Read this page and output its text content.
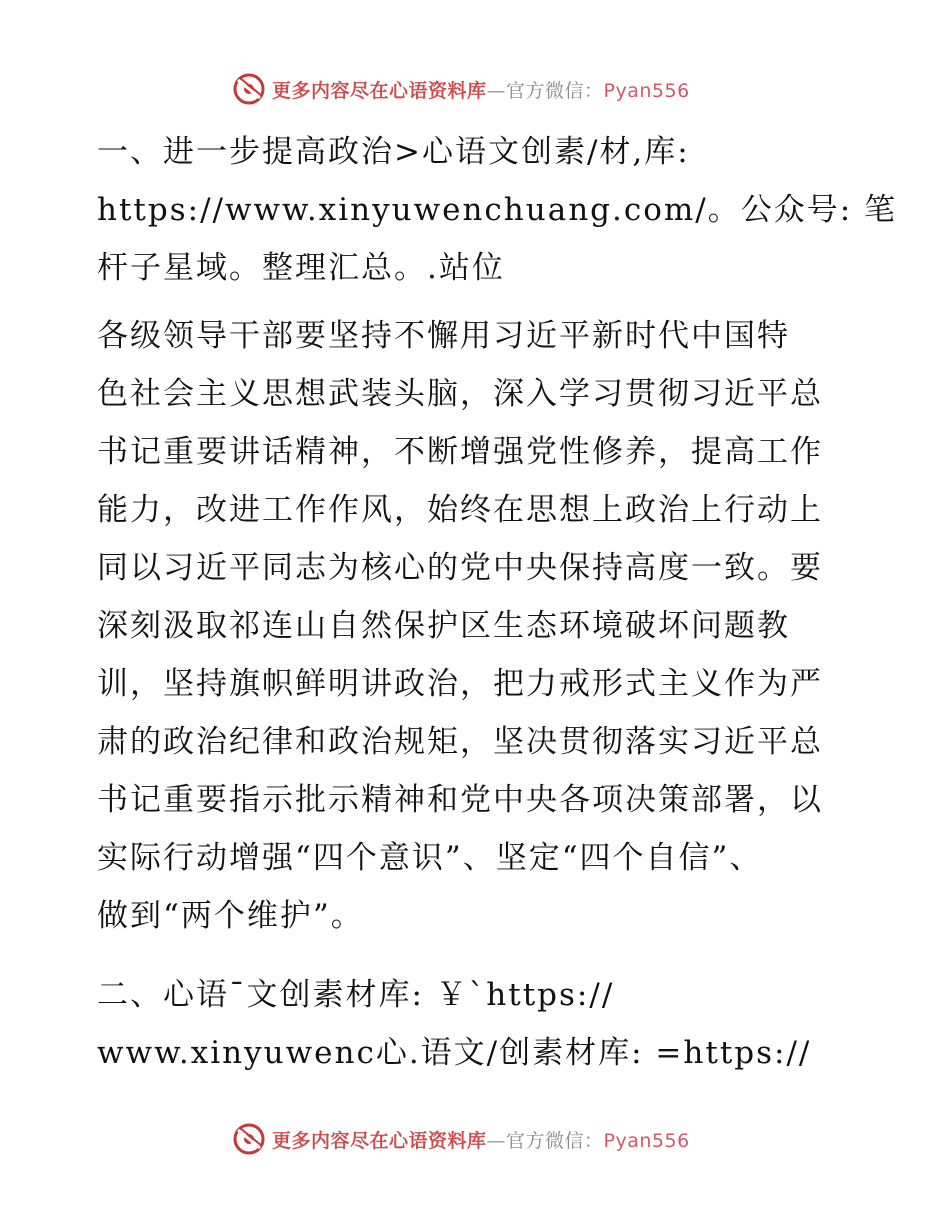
更多内容尽在心语资料库—官方微信：Pyan556
一、进一步提高政治>心语文创素/材,库:
https://www.xinyuwenchuang.com/。公众号: 笔
杆子星域。整理汇总。.站位
各级领导干部要坚持不懈用习近平新时代中国特
色社会主义思想武装头脑，深入学习贯彻习近平总
书记重要讲话精神，不断增强党性修养，提高工作
能力，改进工作作风，始终在思想上政治上行动上
同以习近平同志为核心的党中央保持高度一致。要
深刻汲取祁连山自然保护区生态环境破坏问题教
训，坚持旗帜鲜明讲政治，把力戒形式主义作为严
肃的政治纪律和政治规矩，坚决贯彻落实习近平总
书记重要指示批示精神和党中央各项决策部署，以
实际行动增强“四个意识”、坚定“四个自信”、
做到“两个维护”。
二、心语¯文创素材库: ￥`https://
www.xinyuwenc心.语文/创素材库: =https://
更多内容尽在心语资料库—官方微信：Pyan556
